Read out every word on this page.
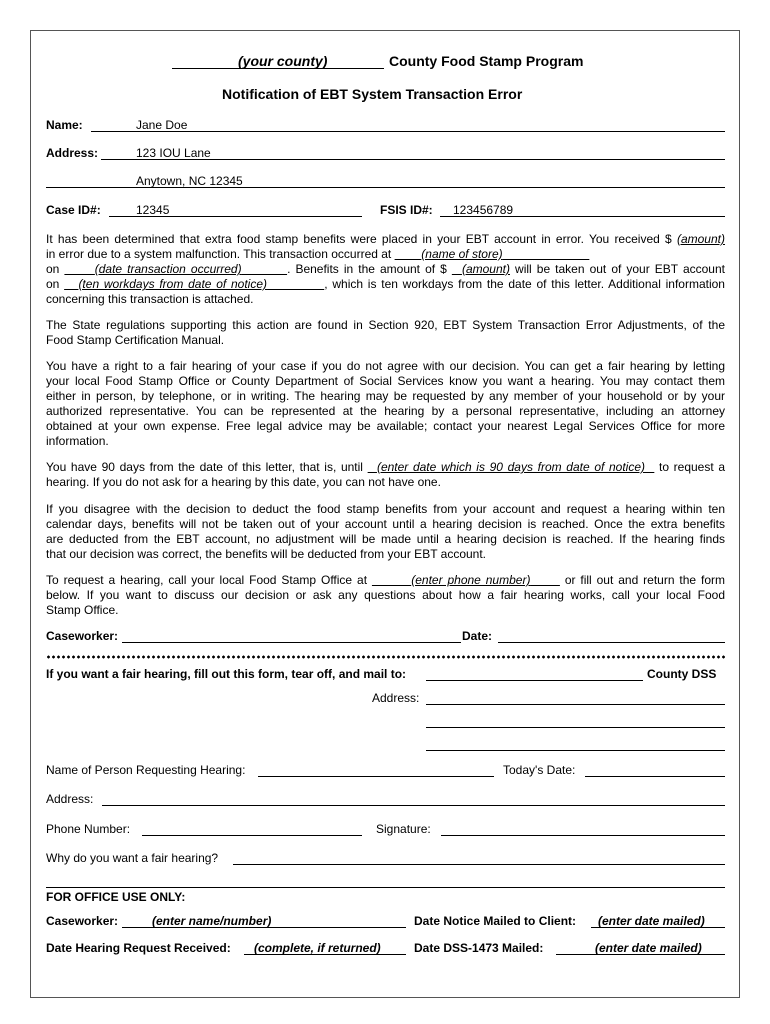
(your county)	County Food Stamp Program
Notification of EBT System Transaction Error
Name:	Jane Doe
Address:	123 IOU Lane
Anytown, NC 12345
Case ID#:	12345	FSIS ID#: 123456789
It has been determined that extra food stamp benefits were placed in your EBT account in error. You received $ (amount)
in error due to a system malfunction. This transaction occurred at         (name of store)
on	(date transaction occurred)	. Benefits in the amount of $   (amount) will be taken out of your EBT account
on    (ten workdays from date of notice)	, which is ten workdays from the date of this letter. Additional information
concerning this transaction is attached.
The State regulations supporting this action are found in Section 920, EBT System Transaction Error Adjustments, of the
Food Stamp Certification Manual.
You have a right to a fair hearing of your case if you do not agree with our decision. You can get a fair hearing by letting
your local Food Stamp Office or County Department of Social Services know you want a hearing. You may contact them
either in person, by telephone, or in writing. The hearing may be requested by any member of your household or by your
authorized representative. You can be represented at the hearing by a personal representative, including an attorney
obtained at your own expense. Free legal advice may be available; contact your nearest Legal Services Office for more
information.
You have 90 days from the date of this letter, that is, until   (enter date which is 90 days from date of notice)   to request a
hearing. If you do not ask for a hearing by this date, you can not have one.
If you disagree with the decision to deduct the food stamp benefits from your account and request a hearing within ten
calendar days, benefits will not be taken out of your account until a hearing decision is reached. Once the extra benefits
are deducted from the EBT account, no adjustment will be made until a hearing decision is reached. If the hearing finds
that our decision was correct, the benefits will be deducted from your EBT account.
To request a hearing, call your local Food Stamp Office at	(enter phone number)       or fill out and return the form
below. If you want to discuss our decision or ask any questions about how a fair hearing works, call your local Food
Stamp Office.
Caseworker:	Date:
If you want a fair hearing, fill out this form, tear off, and mail to:	County DSS
Address:
Name of Person Requesting Hearing:	Today's Date:
Address:
Phone Number:	Signature:
Why do you want a fair hearing?
FOR OFFICE USE ONLY:
Caseworker:	(enter name/number)	Date Notice Mailed to Client: (enter date mailed)
Date Hearing Request Received: (complete, if returned)	Date DSS-1473 Mailed:	(enter date mailed)
